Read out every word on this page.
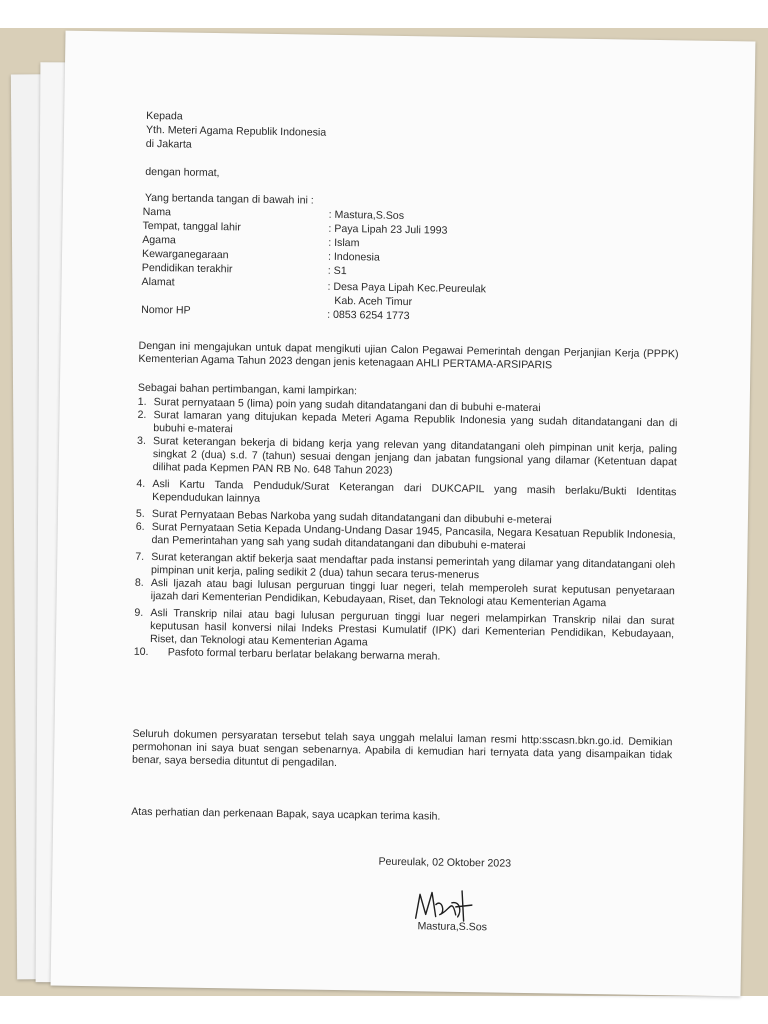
Kepada
Yth. Meteri Agama Republik Indonesia
di Jakarta
dengan hormat,
Yang bertanda tangan di bawah ini :
Nama	: Mastura,S.Sos
Tempat, tanggal lahir	: Paya Lipah 23 Juli 1993
Agama	: Islam
Kewarganegaraan	: Indonesia
Pendidikan terakhir	: S1
Alamat	: Desa Paya Lipah Kec.Peureulak
Kab. Aceh Timur
Nomor HP	: 0853 6254 1773
Dengan ini mengajukan untuk dapat mengikuti ujian Calon Pegawai Pemerintah dengan Perjanjian Kerja (PPPK) Kementerian Agama Tahun 2023 dengan jenis ketenagaan AHLI PERTAMA-ARSIPARIS
Sebagai bahan pertimbangan, kami lampirkan:
1. Surat pernyataan 5 (lima) poin yang sudah ditandatangani dan di bubuhi e-materai
2. Surat lamaran yang ditujukan kepada Meteri Agama Republik Indonesia yang sudah ditandatangani dan di bubuhi e-materai
3. Surat keterangan bekerja di bidang kerja yang relevan yang ditandatangani oleh pimpinan unit kerja, paling singkat 2 (dua) s.d. 7 (tahun) sesuai dengan jenjang dan jabatan fungsional yang dilamar (Ketentuan dapat dilihat pada Kepmen PAN RB No. 648 Tahun 2023)
4. Asli Kartu Tanda Penduduk/Surat Keterangan dari DUKCAPIL yang masih berlaku/Bukti Identitas Kependudukan lainnya
5. Surat Pernyataan Bebas Narkoba yang sudah ditandatangani dan dibubuhi e-meterai
6. Surat Pernyataan Setia Kepada Undang-Undang Dasar 1945, Pancasila, Negara Kesatuan Republik Indonesia, dan Pemerintahan yang sah yang sudah ditandatangani dan dibubuhi e-materai
7. Surat keterangan aktif bekerja saat mendaftar pada instansi pemerintah yang dilamar yang ditandatangani oleh pimpinan unit kerja, paling sedikit 2 (dua) tahun secara terus-menerus
8. Asli Ijazah atau bagi lulusan perguruan tinggi luar negeri, telah memperoleh surat keputusan penyetaraan ijazah dari Kementerian Pendidikan, Kebudayaan, Riset, dan Teknologi atau Kementerian Agama
9. Asli Transkrip nilai atau bagi lulusan perguruan tinggi luar negeri melampirkan Transkrip nilai dan surat keputusan hasil konversi nilai Indeks Prestasi Kumulatif (IPK) dari Kementerian Pendidikan, Kebudayaan, Riset, dan Teknologi atau Kementerian Agama
10. Pasfoto formal terbaru berlatar belakang berwarna merah.
Seluruh dokumen persyaratan tersebut telah saya unggah melalui laman resmi http:sscasn.bkn.go.id. Demikian permohonan ini saya buat sengan sebenarnya. Apabila di kemudian hari ternyata data yang disampaikan tidak benar, saya bersedia dituntut di pengadilan.
Atas perhatian dan perkenaan Bapak, saya ucapkan terima kasih.
Peureulak, 02 Oktober 2023
Mastura,S.Sos
